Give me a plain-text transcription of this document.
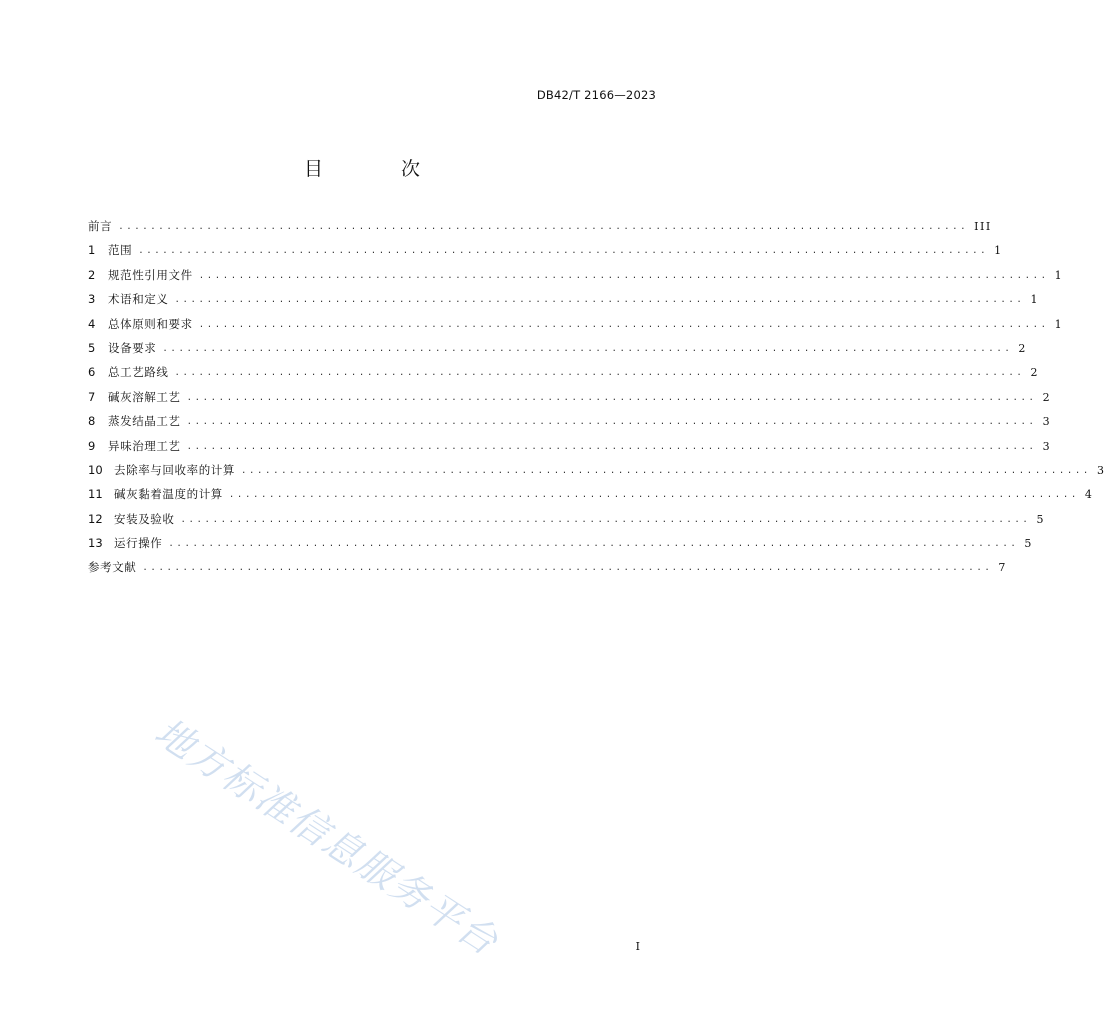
DB42/T 2166—2023
目 次
前言 .......................................................................................................... III
1	范围 .......................................................................................................... 1
2	规范性引用文件 .......................................................................................................... 1
3	术语和定义 .......................................................................................................... 1
4	总体原则和要求 .......................................................................................................... 1
5	设备要求 .......................................................................................................... 2
6	总工艺路线 .......................................................................................................... 2
7	碱灰溶解工艺 .......................................................................................................... 2
8	蒸发结晶工艺 .......................................................................................................... 3
9	异味治理工艺 .......................................................................................................... 3
10 去除率与回收率的计算 .......................................................................................................... 3
11 碱灰黏着温度的计算 .......................................................................................................... 4
12 安装及验收 .......................................................................................................... 5
13 运行操作 .......................................................................................................... 5
参考文献 .......................................................................................................... 7
地方标准信息服务平台	I
